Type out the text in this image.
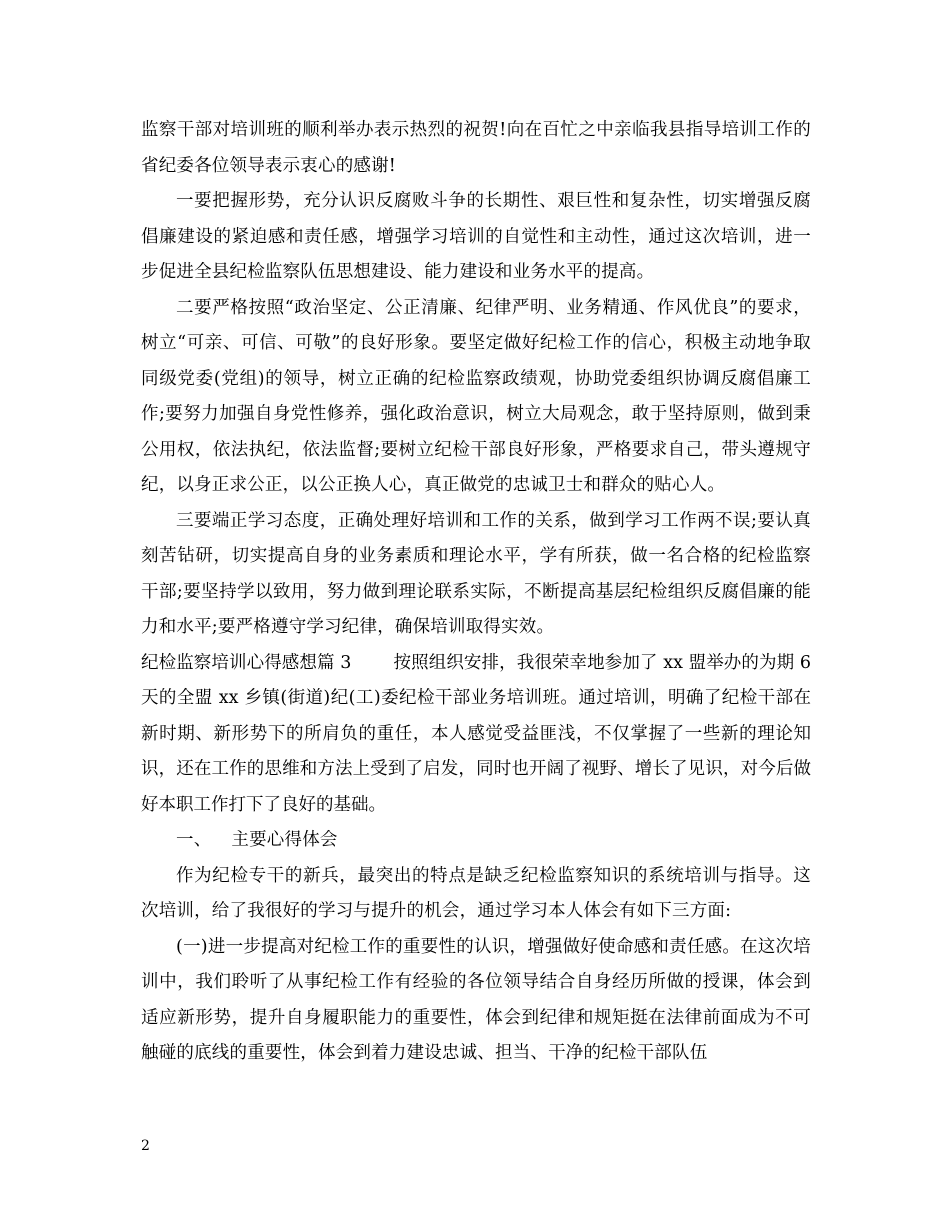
监察干部对培训班的顺利举办表示热烈的祝贺!向在百忙之中亲临我县指导培训工作的省纪委各位领导表示衷心的感谢!

一要把握形势，充分认识反腐败斗争的长期性、艰巨性和复杂性，切实增强反腐倡廉建设的紧迫感和责任感，增强学习培训的自觉性和主动性，通过这次培训，进一步促进全县纪检监察队伍思想建设、能力建设和业务水平的提高。

二要严格按照“政治坚定、公正清廉、纪律严明、业务精通、作风优良”的要求，树立“可亲、可信、可敬”的良好形象。要坚定做好纪检工作的信心，积极主动地争取同级党委(党组)的领导，树立正确的纪检监察政绩观，协助党委组织协调反腐倡廉工作;要努力加强自身党性修养，强化政治意识，树立大局观念，敢于坚持原则，做到秉公用权，依法执纪，依法监督;要树立纪检干部良好形象，严格要求自己，带头遵规守纪，以身正求公正，以公正换人心，真正做党的忠诚卫士和群众的贴心人。

三要端正学习态度，正确处理好培训和工作的关系，做到学习工作两不误;要认真刻苦钻研，切实提高自身的业务素质和理论水平，学有所获，做一名合格的纪检监察干部;要坚持学以致用，努力做到理论联系实际，不断提高基层纪检组织反腐倡廉的能力和水平;要严格遵守学习纪律，确保培训取得实效。

纪检监察培训心得感想篇 3 按照组织安排，我很荣幸地参加了 xx 盟举办的为期 6 天的全盟 xx 乡镇(街道)纪(工)委纪检干部业务培训班。通过培训，明确了纪检干部在新时期、新形势下的所肩负的重任，本人感觉受益匪浅，不仅掌握了一些新的理论知识，还在工作的思维和方法上受到了启发，同时也开阔了视野、增长了见识，对今后做好本职工作打下了良好的基础。

一、 主要心得体会

作为纪检专干的新兵，最突出的特点是缺乏纪检监察知识的系统培训与指导。这次培训，给了我很好的学习与提升的机会，通过学习本人体会有如下三方面:

(一)进一步提高对纪检工作的重要性的认识，增强做好使命感和责任感。在这次培训中，我们聆听了从事纪检工作有经验的各位领导结合自身经历所做的授课，体会到适应新形势，提升自身履职能力的重要性，体会到纪律和规矩挺在法律前面成为不可触碰的底线的重要性，体会到着力建设忠诚、担当、干净的纪检干部队伍

2
